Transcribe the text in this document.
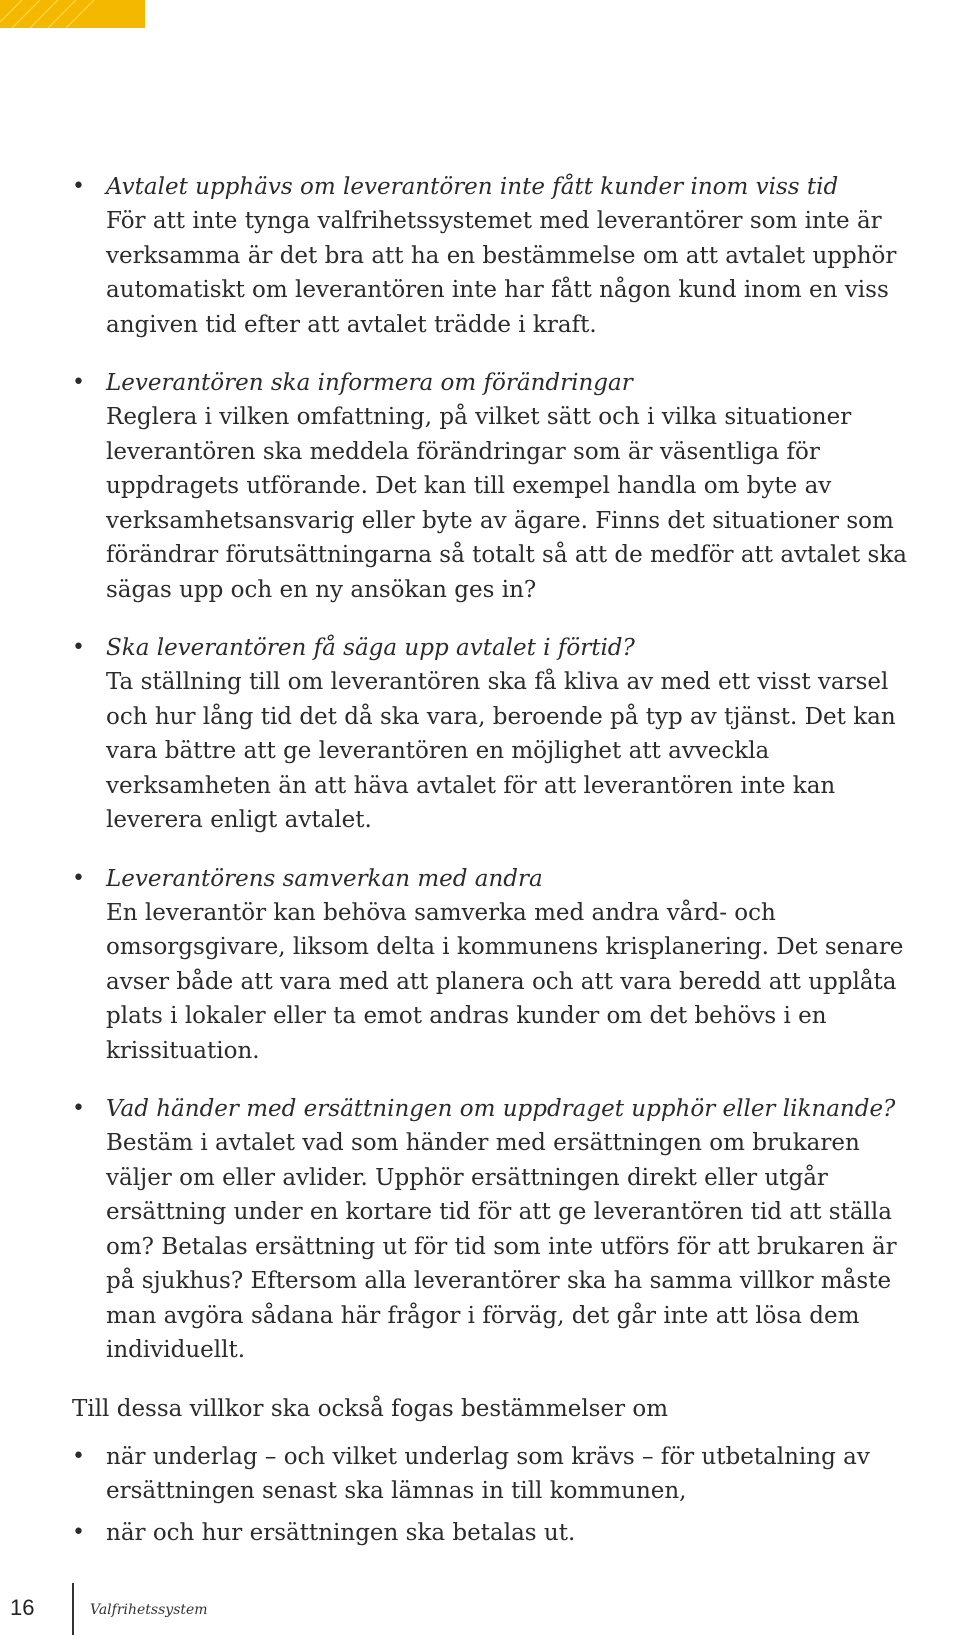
• Avtalet upphävs om leverantören inte fått kunder inom viss tid
För att inte tynga valfrihetssystemet med leverantörer som inte är verksamma är det bra att ha en bestämmelse om att avtalet upphör automatiskt om leverantören inte har fått någon kund inom en viss angiven tid efter att avtalet trädde i kraft.
• Leverantören ska informera om förändringar
Reglera i vilken omfattning, på vilket sätt och i vilka situationer leverantören ska meddela förändringar som är väsentliga för uppdragets utförande. Det kan till exempel handla om byte av verksamhetsansvarig eller byte av ägare. Finns det situationer som förändrar förutsättningarna så totalt så att de medför att avtalet ska sägas upp och en ny ansökan ges in?
• Ska leverantören få säga upp avtalet i förtid?
Ta ställning till om leverantören ska få kliva av med ett visst varsel och hur lång tid det då ska vara, beroende på typ av tjänst. Det kan vara bättre att ge leverantören en möjlighet att avveckla verksamheten än att häva avtalet för att leverantören inte kan leverera enligt avtalet.
• Leverantörens samverkan med andra
En leverantör kan behöva samverka med andra vård- och omsorgsgivare, liksom delta i kommunens krisplanering. Det senare avser både att vara med att planera och att vara beredd att upplåta plats i lokaler eller ta emot andras kunder om det behövs i en krissituation.
• Vad händer med ersättningen om uppdraget upphör eller liknande?
Bestäm i avtalet vad som händer med ersättningen om brukaren väljer om eller avlider. Upphör ersättningen direkt eller utgår ersättning under en kortare tid för att ge leverantören tid att ställa om? Betalas ersättning ut för tid som inte utförs för att brukaren är på sjukhus? Eftersom alla leverantörer ska ha samma villkor måste man avgöra sådana här frågor i förväg, det går inte att lösa dem individuellt.

Till dessa villkor ska också fogas bestämmelser om

• när underlag – och vilket underlag som krävs – för utbetalning av ersättningen senast ska lämnas in till kommunen,
• när och hur ersättningen ska betalas ut.
16	Valfrihetssystem
